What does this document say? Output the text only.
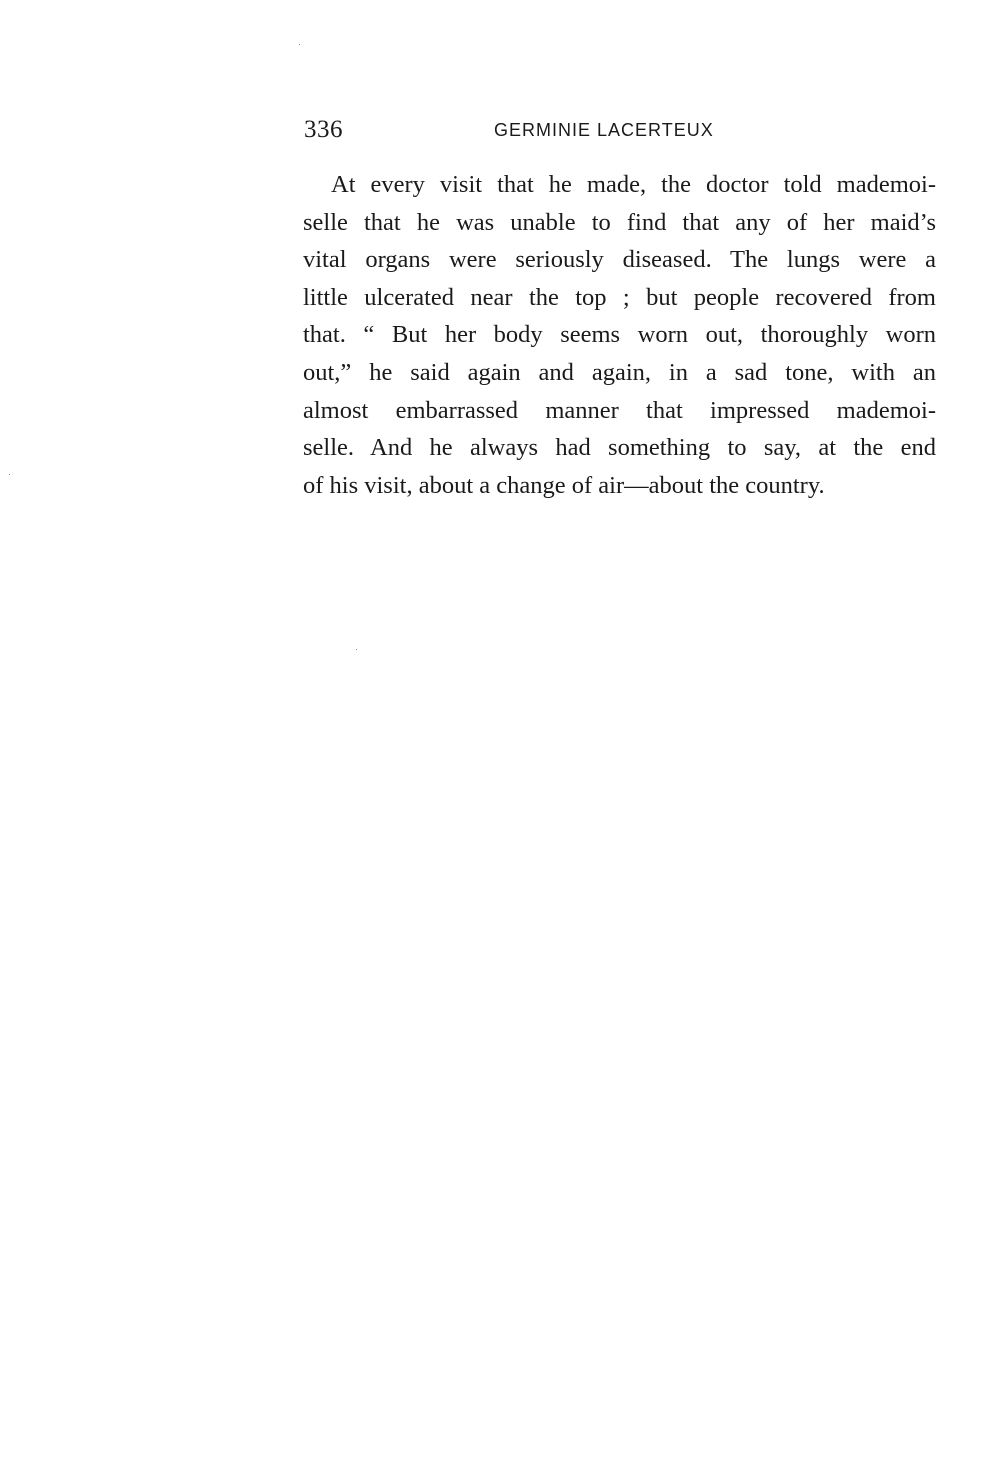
336	GERMINIE LACERTEUX
At every visit that he made, the doctor told mademoi-
selle that he was unable to find that any of her maid’s
vital organs were seriously diseased. The lungs were a
little ulcerated near the top ; but people recovered from
that. “ But her body seems worn out, thoroughly worn
out,” he said again and again, in a sad tone, with an
almost embarrassed manner that impressed mademoi-
selle. And he always had something to say, at the end
of his visit, about a change of air—about the country.
